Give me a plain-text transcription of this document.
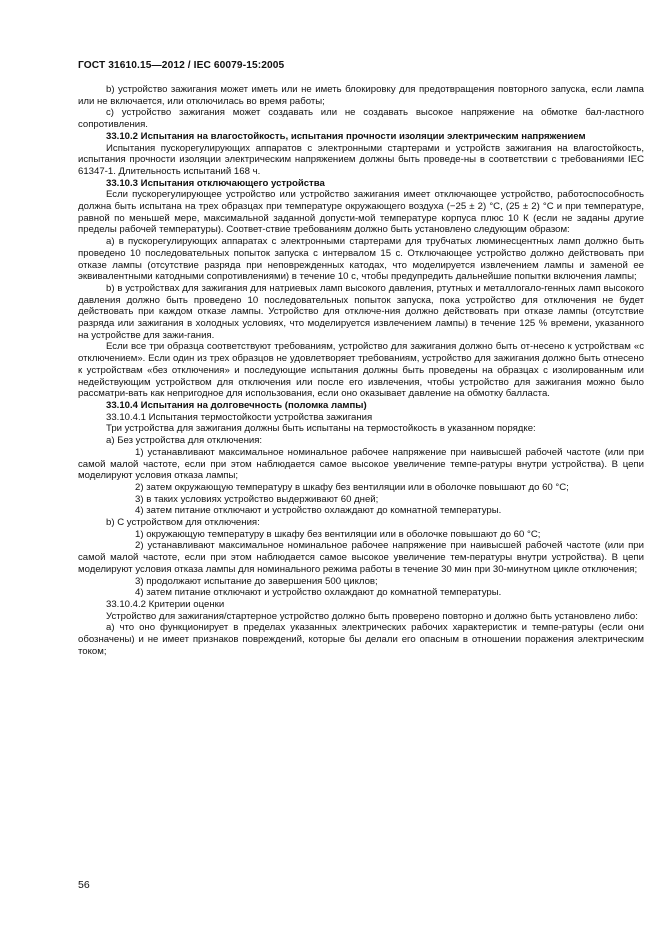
ГОСТ 31610.15—2012 / IEC 60079-15:2005

b) устройство зажигания может иметь или не иметь блокировку для предотвращения повторного запуска, если лампа или не включается, или отключилась во время работы;

c) устройство зажигания может создавать или не создавать высокое напряжение на обмотке бал-ластного сопротивления.

33.10.2 Испытания на влагостойкость, испытания прочности изоляции электрическим напряжением

Испытания пускорегулирующих аппаратов с электронными стартерами и устройств зажигания на влагостойкость, испытания прочности изоляции электрическим напряжением должны быть проведе-ны в соответствии с требованиями IEC 61347-1. Длительность испытаний 168 ч.

33.10.3 Испытания отключающего устройства

Если пускорегулирующее устройство или устройство зажигания имеет отключающее устройство, работоспособность должна быть испытана на трех образцах при температуре окружающего воздуха (−25 ± 2) °C, (25 ± 2) °C и при температуре, равной по меньшей мере, максимальной заданной допусти-мой температуре корпуса плюс 10 К (если не заданы другие пределы рабочей температуры). Соответ-ствие требованиям должно быть установлено следующим образом:

a) в пускорегулирующих аппаратах с электронными стартерами для трубчатых люминесцентных ламп должно быть проведено 10 последовательных попыток запуска с интервалом 15 с. Отключающее устройство должно действовать при отказе лампы (отсутствие разряда при неповрежденных катодах, что моделируется извлечением лампы и заменой ее эквивалентными катодными сопротивлениями) в течение 10 с, чтобы предупредить дальнейшие попытки включения лампы;

b) в устройствах для зажигания для натриевых ламп высокого давления, ртутных и металлогало-генных ламп высокого давления должно быть проведено 10 последовательных попыток запуска, пока устройство для отключения не будет действовать при каждом отказе лампы. Устройство для отключе-ния должно действовать при отказе лампы (отсутствие разряда или зажигания в холодных условиях, что моделируется извлечением лампы) в течение 125 % времени, указанного на устройстве для зажи-гания.

Если все три образца соответствуют требованиям, устройство для зажигания должно быть от-несено к устройствам «с отключением». Если один из трех образцов не удовлетворяет требованиям, устройство для зажигания должно быть отнесено к устройствам «без отключения» и последующие испытания должны быть проведены на образцах с изолированным или недействующим устройством для отключения или после его извлечения, чтобы устройство для зажигания можно было рассматри-вать как непригодное для использования, если оно оказывает давление на обмотку балласта.

33.10.4 Испытания на долговечность (поломка лампы)

33.10.4.1 Испытания термостойкости устройства зажигания

Три устройства для зажигания должны быть испытаны на термостойкость в указанном порядке:

a) Без устройства для отключения:

1) устанавливают максимальное номинальное рабочее напряжение при наивысшей рабочей частоте (или при самой малой частоте, если при этом наблюдается самое высокое увеличение темпе-ратуры внутри устройства). В цепи моделируют условия отказа лампы;

2) затем окружающую температуру в шкафу без вентиляции или в оболочке повышают до 60 °C;

3) в таких условиях устройство выдерживают 60 дней;

4) затем питание отключают и устройство охлаждают до комнатной температуры.

b) С устройством для отключения:

1) окружающую температуру в шкафу без вентиляции или в оболочке повышают до 60 °C;

2) устанавливают максимальное номинальное рабочее напряжение при наивысшей рабочей частоте (или при самой малой частоте, если при этом наблюдается самое высокое увеличение тем-пературы внутри устройства). В цепи моделируют условия отказа лампы для номинального режима работы в течение 30 мин при 30-минутном цикле отключения;

3) продолжают испытание до завершения 500 циклов;

4) затем питание отключают и устройство охлаждают до комнатной температуры.

33.10.4.2 Критерии оценки

Устройство для зажигания/стартерное устройство должно быть проверено повторно и должно быть установлено либо:

a) что оно функционирует в пределах указанных электрических рабочих характеристик и темпе-ратуры (если они обозначены) и не имеет признаков повреждений, которые бы делали его опасным в отношении поражения электрическим током;

56
